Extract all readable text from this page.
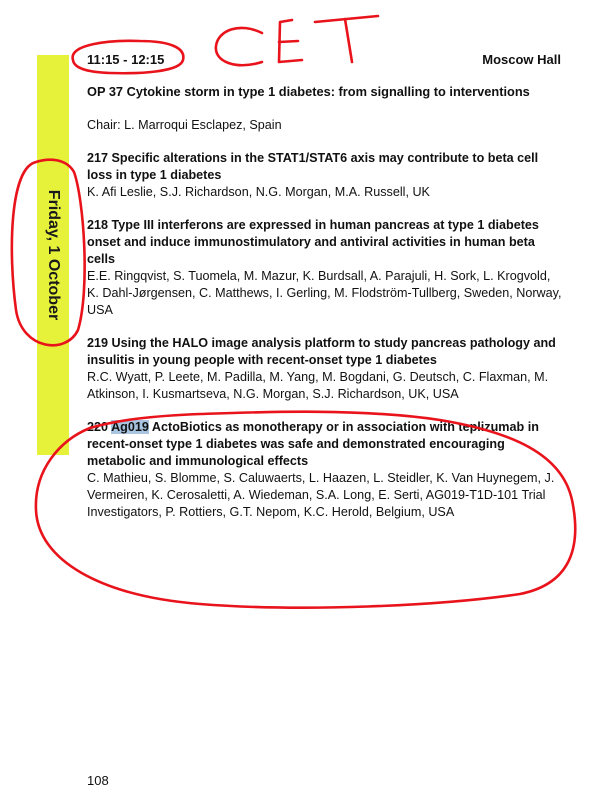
Friday, 1 October
11:15 - 12:15	Moscow Hall
OP 37 Cytokine storm in type 1 diabetes: from signalling to interventions
Chair: L. Marroqui Esclapez, Spain
217 Specific alterations in the STAT1/STAT6 axis may contribute to beta cell loss in type 1 diabetes
K. Afi Leslie, S.J. Richardson, N.G. Morgan, M.A. Russell, UK
218 Type III interferons are expressed in human pancreas at type 1 diabetes onset and induce immunostimulatory and antiviral activities in human beta cells
E.E. Ringqvist, S. Tuomela, M. Mazur, K. Burdsall, A. Parajuli, H. Sork, L. Krogvold, K. Dahl-Jørgensen, C. Matthews, I. Gerling, M. Flodström-Tullberg, Sweden, Norway, USA
219 Using the HALO image analysis platform to study pancreas pathology and insulitis in young people with recent-onset type 1 diabetes
R.C. Wyatt, P. Leete, M. Padilla, M. Yang, M. Bogdani, G. Deutsch, C. Flaxman, M. Atkinson, I. Kusmartseva, N.G. Morgan, S.J. Richardson, UK, USA
220 Ag019 ActoBiotics as monotherapy or in association with teplizumab in recent-onset type 1 diabetes was safe and demonstrated encouraging metabolic and immunological effects
C. Mathieu, S. Blomme, S. Caluwaerts, L. Haazen, L. Steidler, K. Van Huynegem, J. Vermeiren, K. Cerosaletti, A. Wiedeman, S.A. Long, E. Serti, AG019-T1D-101 Trial Investigators, P. Rottiers, G.T. Nepom, K.C. Herold, Belgium, USA
108
